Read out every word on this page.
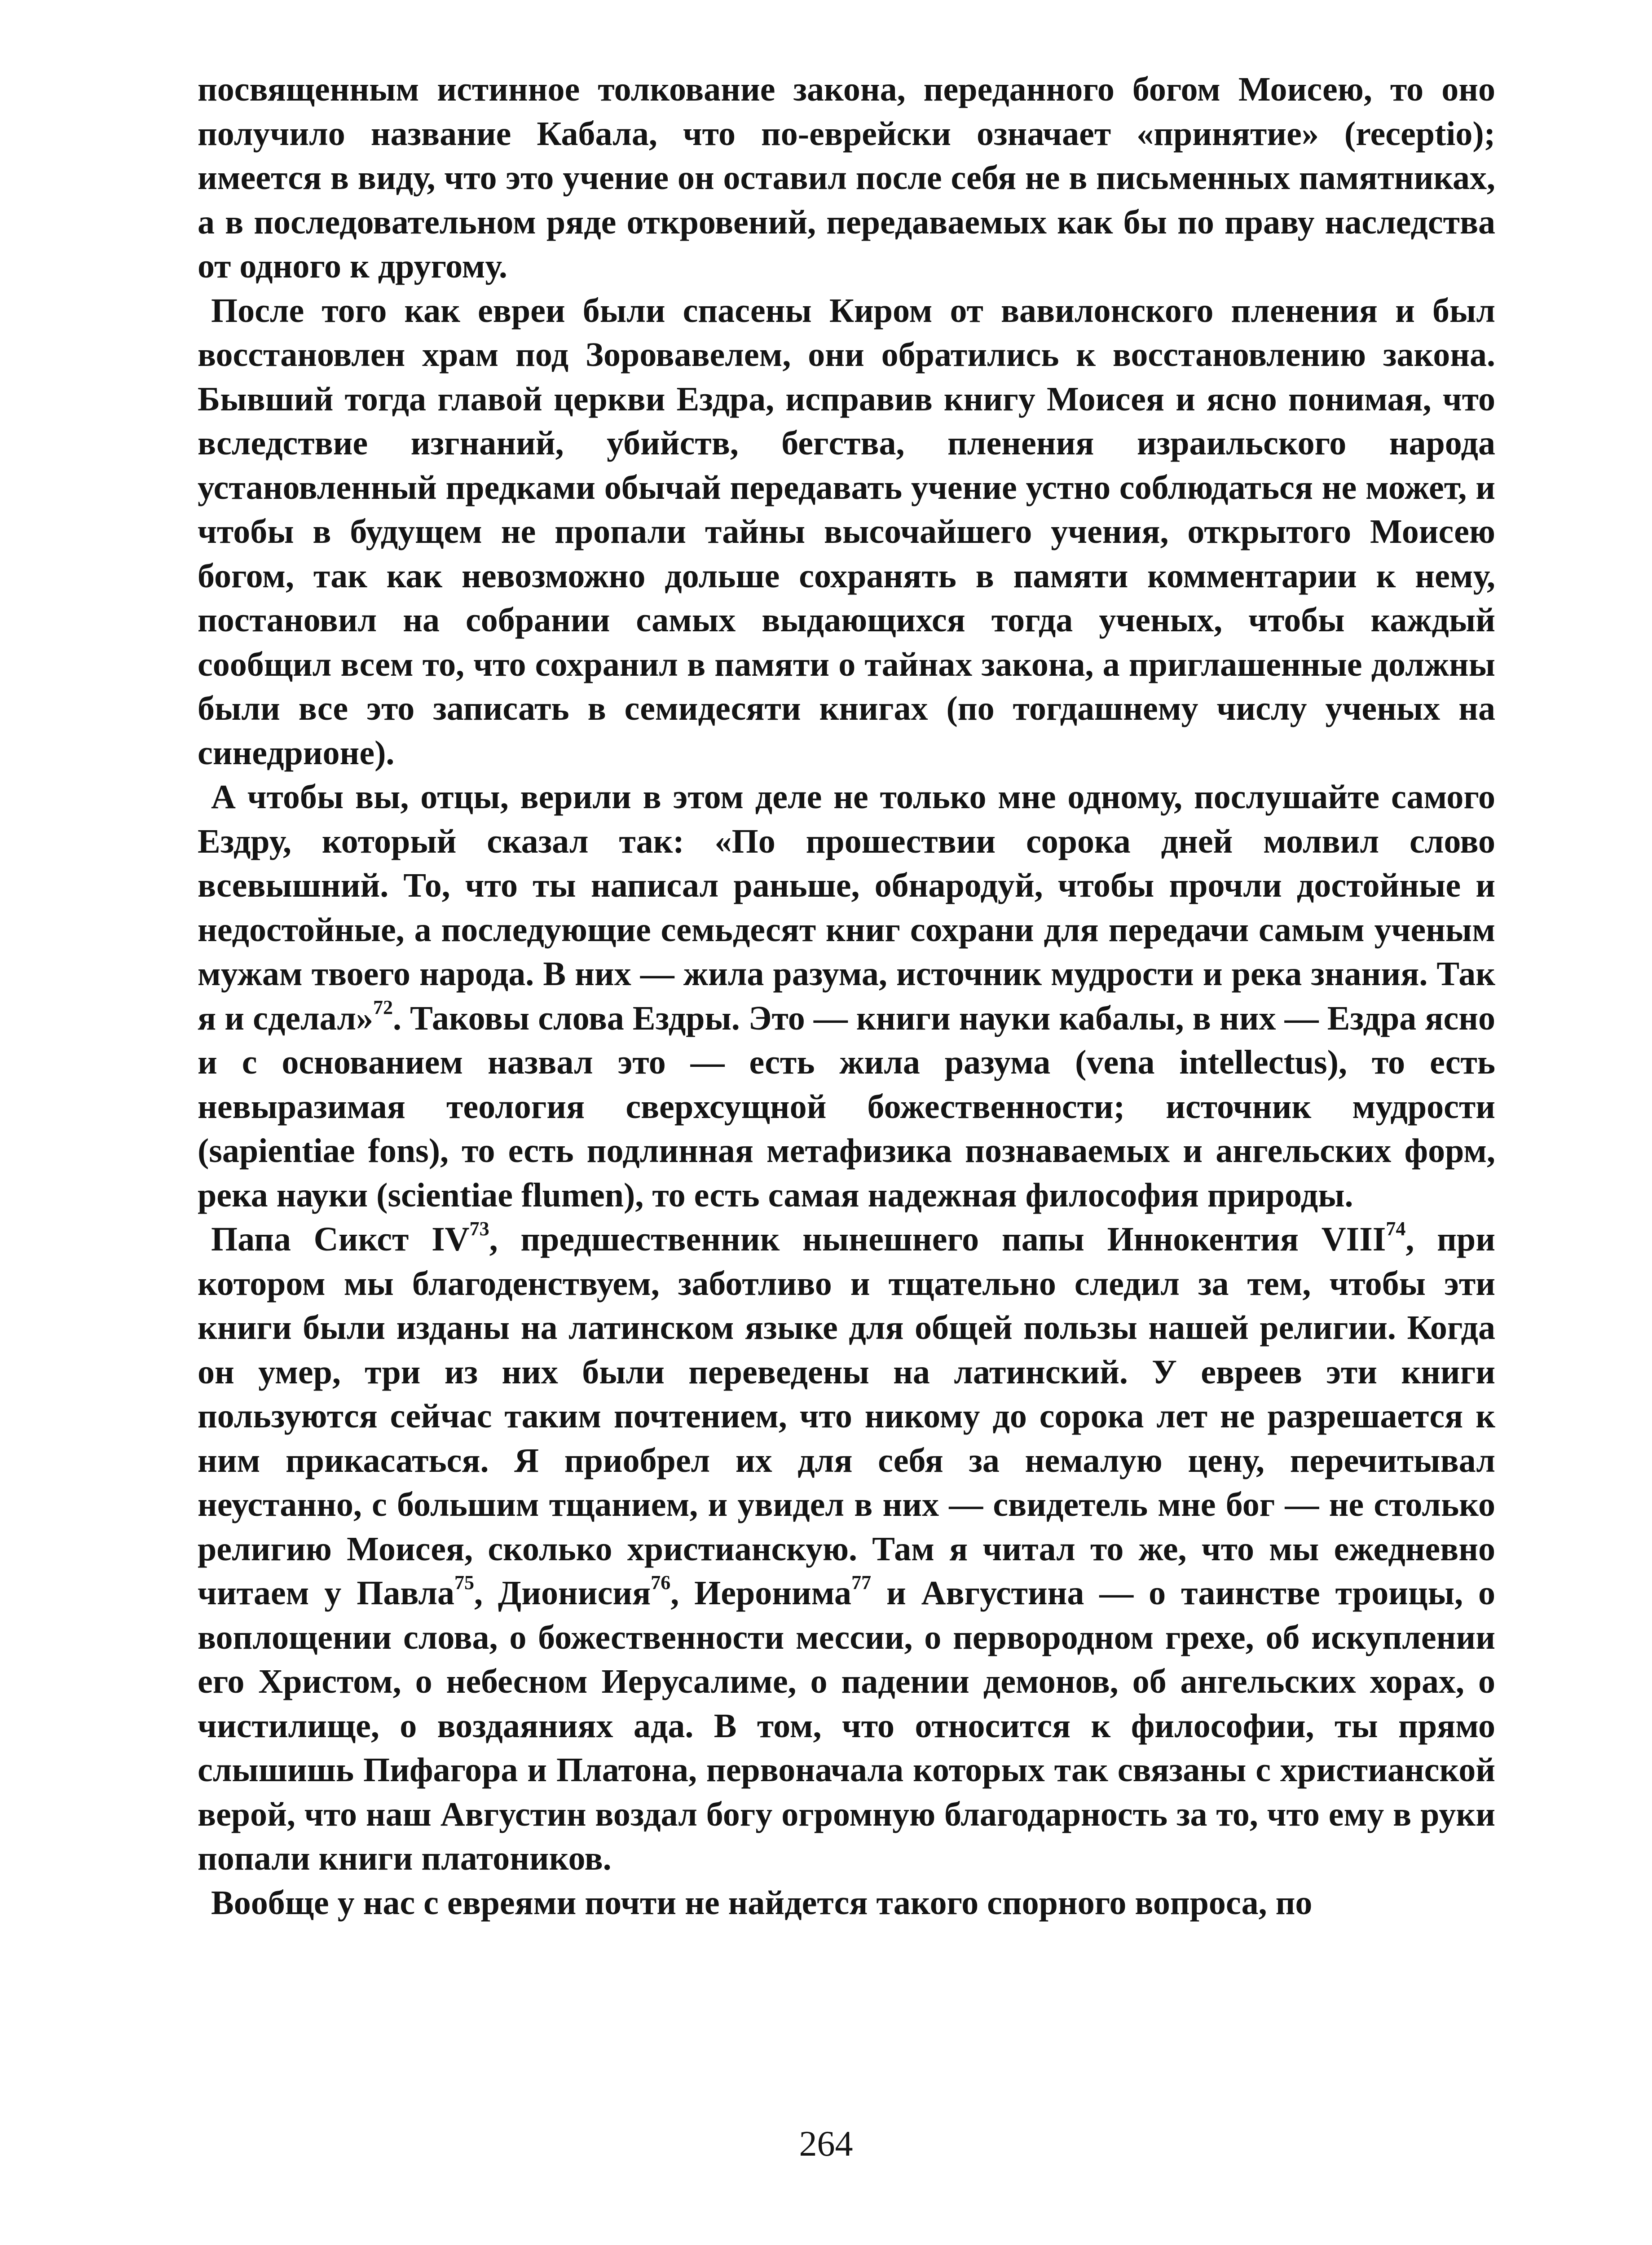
посвященным истинное толкование закона, переданного богом Моисею, то оно получило название Кабала, что по-еврейски означает «принятие» (receptio); имеется в виду, что это учение он оставил после себя не в письменных памятниках, а в последовательном ряде откровений, передаваемых как бы по праву наследства от одного к другому.

После того как евреи были спасены Киром от вавилонского пленения и был восстановлен храм под Зоровавелем, они обратились к восстановлению закона. Бывший тогда главой церкви Ездра, исправив книгу Моисея и ясно понимая, что вследствие изгнаний, убийств, бегства, пленения израильского народа установленный предками обычай передавать учение устно соблюдаться не может, и чтобы в будущем не пропали тайны высочайшего учения, открытого Моисею богом, так как невозможно дольше сохранять в памяти комментарии к нему, постановил на собрании самых выдающихся тогда ученых, чтобы каждый сообщил всем то, что сохранил в памяти о тайнах закона, а приглашенные должны были все это записать в семидесяти книгах (по тогдашнему числу ученых на синедрионе).

А чтобы вы, отцы, верили в этом деле не только мне одному, послушайте самого Ездру, который сказал так: «По прошествии сорока дней молвил слово всевышний. То, что ты написал раньше, обнародуй, чтобы прочли достойные и недостойные, а последующие семьдесят книг сохрани для передачи самым ученым мужам твоего народа. В них — жила разума, источник мудрости и река знания. Так я и сделал»$^{72}$. Таковы слова Ездры. Это — книги науки кабалы, в них — Ездра ясно и с основанием назвал это — есть жила разума (vena intellectus), то есть невыразимая теология сверхсущной божественности; источник мудрости (sapientiae fons), то есть подлинная метафизика познаваемых и ангельских форм, река науки (scientiae flumen), то есть самая надежная философия природы.

Папа Сикст IV$^{73}$, предшественник нынешнего папы Иннокентия VIII$^{74}$, при котором мы благоденствуем, заботливо и тщательно следил за тем, чтобы эти книги были изданы на латинском языке для общей пользы нашей религии. Когда он умер, три из них были переведены на латинский. У евреев эти книги пользуются сейчас таким почтением, что никому до сорока лет не разрешается к ним прикасаться. Я приобрел их для себя за немалую цену, перечитывал неустанно, с большим тщанием, и увидел в них — свидетель мне бог — не столько религию Моисея, сколько христианскую. Там я читал то же, что мы ежедневно читаем у Павла$^{75}$, Дионисия$^{76}$, Иеронима$^{77}$ и Августина — о таинстве троицы, о воплощении слова, о божественности мессии, о первородном грехе, об искуплении его Христом, о небесном Иерусалиме, о падении демонов, об ангельских хорах, о чистилище, о воздаяниях ада. В том, что относится к философии, ты прямо слышишь Пифагора и Платона, первоначала которых так связаны с христианской верой, что наш Августин воздал богу огромную благодарность за то, что ему в руки попали книги платоников.

Вообще у нас с евреями почти не найдется такого спорного вопроса, по

264
